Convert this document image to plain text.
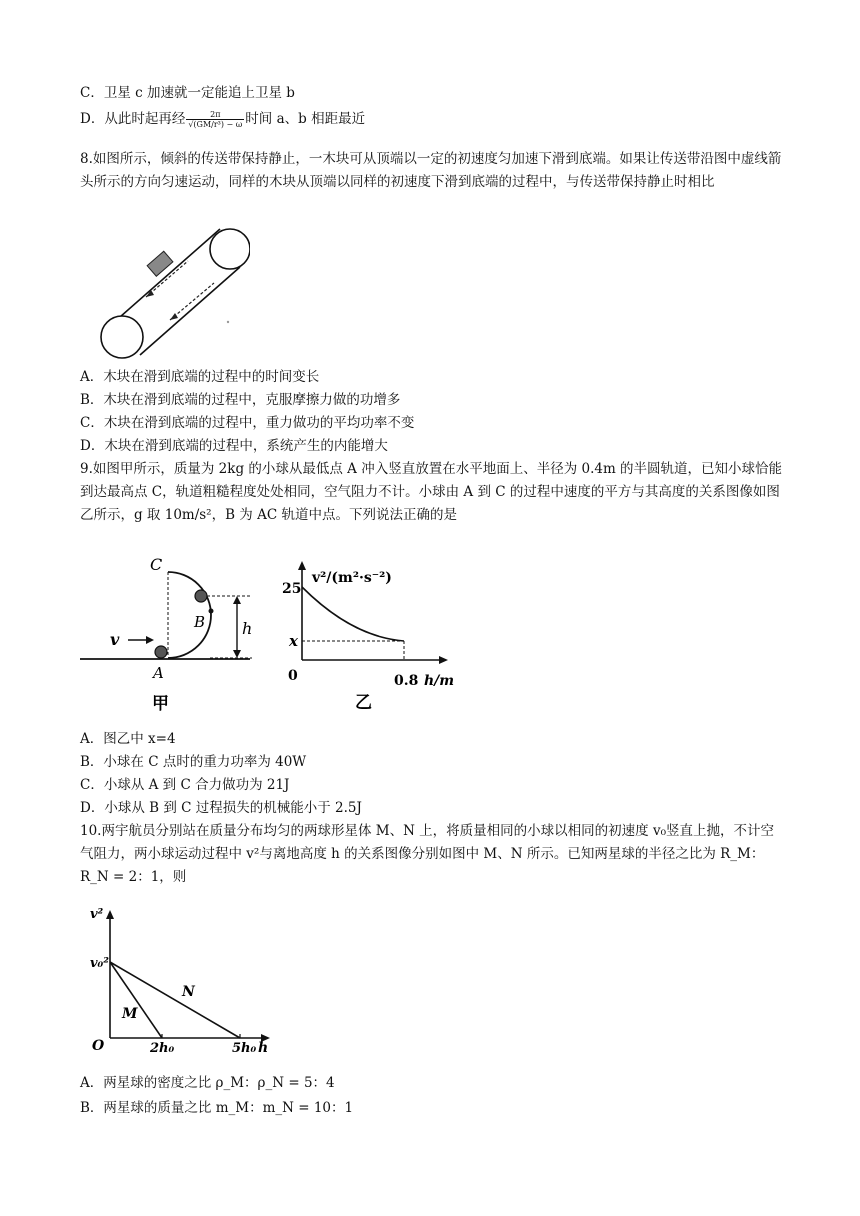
C．卫星 c 加速就一定能追上卫星 b
D．从此时起再经 $\frac{2\pi}{\text{√(GM/r³) − ω}}$ 时间 a、b 相距最近
8.如图所示，倾斜的传送带保持静止，一木块可从顶端以一定的初速度匀加速下滑到底端。如果让传送带沿图中虚线箭头所示的方向匀速运动，同样的木块从顶端以同样的初速度下滑到底端的过程中，与传送带保持静止时相比
A．木块在滑到底端的过程中的时间变长
B．木块在滑到底端的过程中，克服摩擦力做的功增多
C．木块在滑到底端的过程中，重力做功的平均功率不变
D．木块在滑到底端的过程中，系统产生的内能增大
9.如图甲所示，质量为 2kg 的小球从最低点 A 冲入竖直放置在水平地面上、半径为 0.4m 的半圆轨道，已知小球恰能到达最高点 C，轨道粗糙程度处处相同，空气阻力不计。小球由 A 到 C 的过程中速度的平方与其高度的关系图像如图乙所示，g 取 10m/s²，B 为 AC 轨道中点。下列说法正确的是
C
B
A
v
h
甲
v²/(m²·s⁻²)
25
x
0	0.8 h/m
乙
A．图乙中 x=4
B．小球在 C 点时的重力功率为 40W
C．小球从 A 到 C 合力做功为 21J
D．小球从 B 到 C 过程损失的机械能小于 2.5J
10.两宇航员分别站在质量分布均匀的两球形星体 M、N 上，将质量相同的小球以相同的初速度 v₀竖直上抛，不计空气阻力，两小球运动过程中 v²与离地高度 h 的关系图像分别如图中 M、N 所示。已知两星球的半径之比为 R_M：R_N = 2：1，则
v²
v₀²
O	2h₀	5h₀ h
M
N
A．两星球的密度之比 ρ_M：ρ_N = 5：4
B．两星球的质量之比 m_M：m_N = 10：1
